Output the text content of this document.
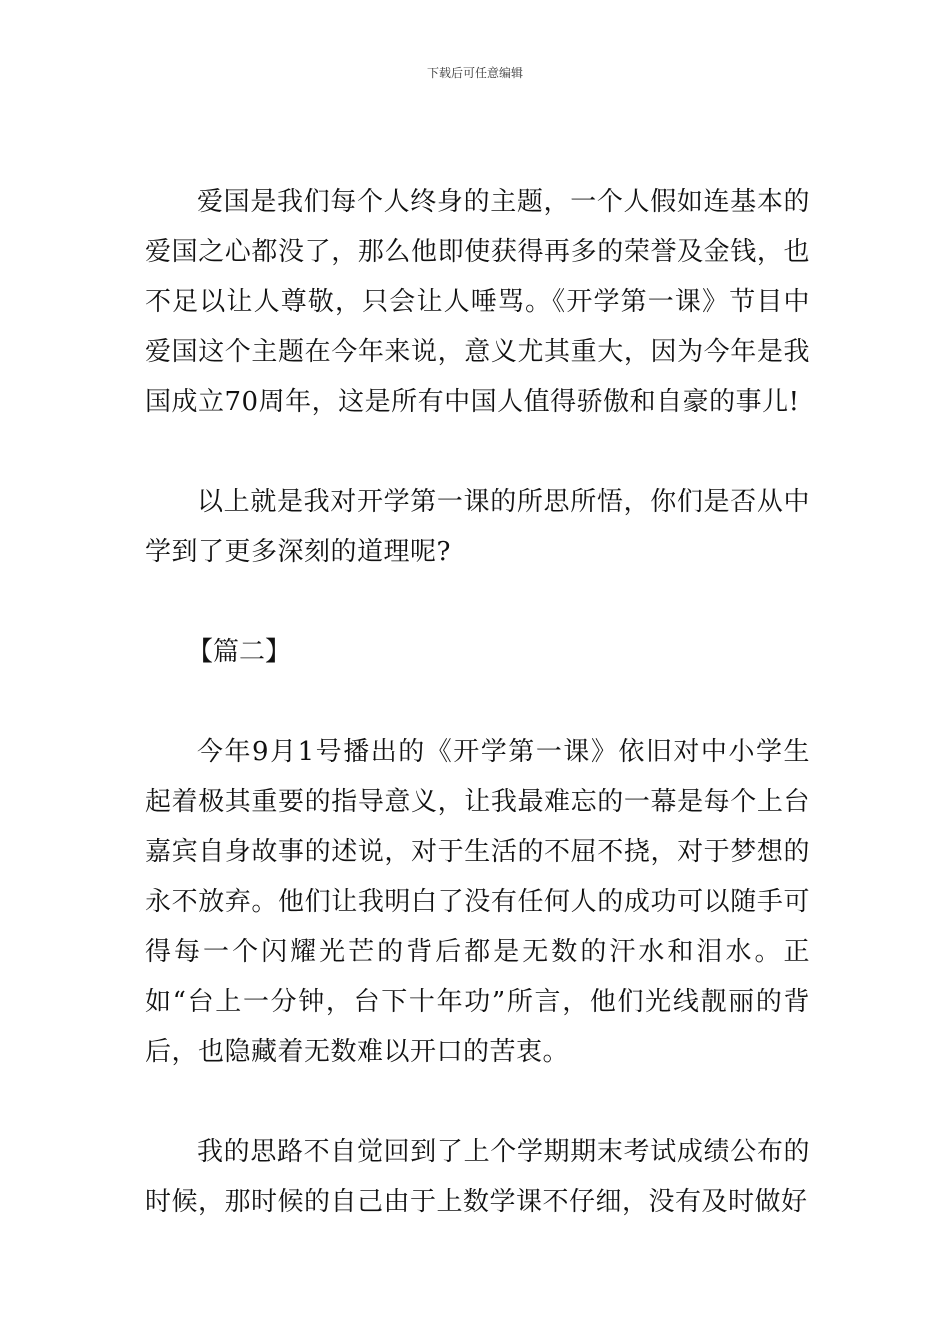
下载后可任意编辑

爱国是我们每个人终身的主题，一个人假如连基本的爱国之心都没了，那么他即使获得再多的荣誉及金钱，也不足以让人尊敬，只会让人唾骂。《开学第一课》节目中爱国这个主题在今年来说，意义尤其重大，因为今年是我国成立70周年，这是所有中国人值得骄傲和自豪的事儿!

以上就是我对开学第一课的所思所悟，你们是否从中学到了更多深刻的道理呢?

【篇二】

今年9月1号播出的《开学第一课》依旧对中小学生起着极其重要的指导意义，让我最难忘的一幕是每个上台嘉宾自身故事的述说，对于生活的不屈不挠，对于梦想的永不放弃。他们让我明白了没有任何人的成功可以随手可得每一个闪耀光芒的背后都是无数的汗水和泪水。正如“台上一分钟，台下十年功”所言，他们光线靓丽的背后，也隐藏着无数难以开口的苦衷。

我的思路不自觉回到了上个学期期末考试成绩公布的时候，那时候的自己由于上数学课不仔细，没有及时做好
